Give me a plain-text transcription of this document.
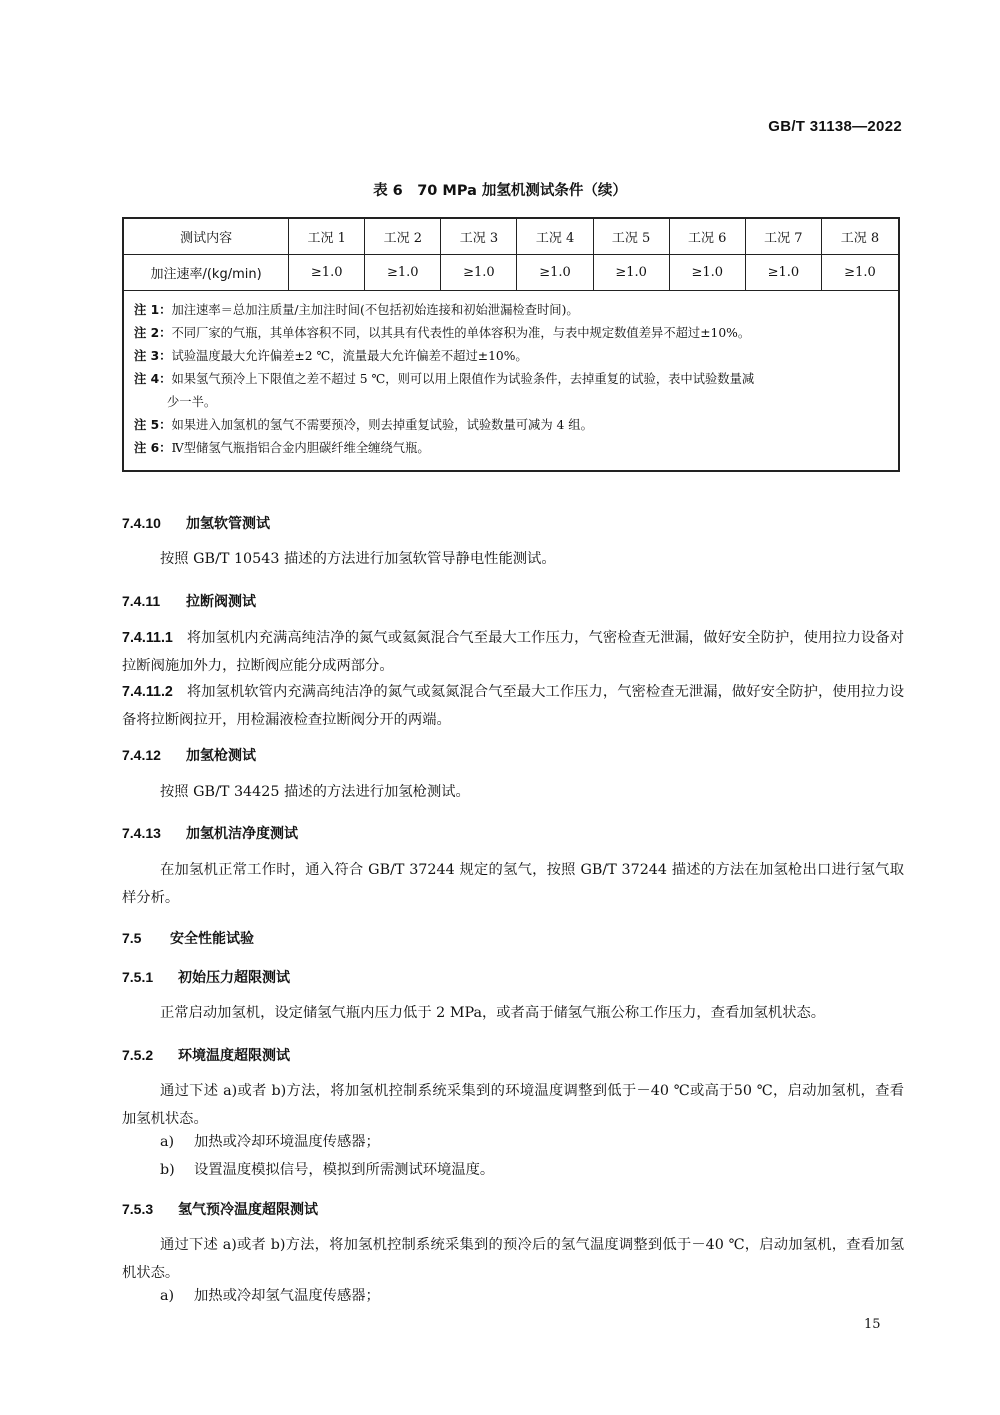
GB/T 31138—2022
表 6　70 MPa 加氢机测试条件（续）
测试内容	工况 1	工况 2	工况 3	工况 4	工况 5	工况 6	工况 7	工况 8
加注速率/(kg/min)	≥1.0	≥1.0	≥1.0	≥1.0	≥1.0	≥1.0	≥1.0	≥1.0
注 1：加注速率＝总加注质量/主加注时间(不包括初始连接和初始泄漏检查时间)。
注 2：不同厂家的气瓶，其单体容积不同，以其具有代表性的单体容积为准，与表中规定数值差异不超过±10%。
注 3：试验温度最大允许偏差±2 ℃，流量最大允许偏差不超过±10%。
注 4：如果氢气预冷上下限值之差不超过 5 ℃，则可以用上限值作为试验条件，去掉重复的试验，表中试验数量减
少一半。
注 5：如果进入加氢机的氢气不需要预冷，则去掉重复试验，试验数量可减为 4 组。
注 6：Ⅳ型储氢气瓶指铝合金内胆碳纤维全缠绕气瓶。
7.4.10 加氢软管测试
按照 GB/T 10543 描述的方法进行加氢软管导静电性能测试。
7.4.11 拉断阀测试
7.4.11.1 将加氢机内充满高纯洁净的氮气或氦氮混合气至最大工作压力，气密检查无泄漏，做好安全防护，使用拉力设备对拉断阀施加外力，拉断阀应能分成两部分。
7.4.11.2 将加氢机软管内充满高纯洁净的氮气或氦氮混合气至最大工作压力，气密检查无泄漏，做好安全防护，使用拉力设备将拉断阀拉开，用检漏液检查拉断阀分开的两端。
7.4.12 加氢枪测试
按照 GB/T 34425 描述的方法进行加氢枪测试。
7.4.13 加氢机洁净度测试
在加氢机正常工作时，通入符合 GB/T 37244 规定的氢气，按照 GB/T 37244 描述的方法在加氢枪出口进行氢气取样分析。
7.5 安全性能试验
7.5.1 初始压力超限测试
正常启动加氢机，设定储氢气瓶内压力低于 2 MPa，或者高于储氢气瓶公称工作压力，查看加氢机状态。
7.5.2 环境温度超限测试
通过下述 a)或者 b)方法，将加氢机控制系统采集到的环境温度调整到低于－40 ℃或高于50 ℃，启动加氢机，查看加氢机状态。
a) 加热或冷却环境温度传感器；
b) 设置温度模拟信号，模拟到所需测试环境温度。
7.5.3 氢气预冷温度超限测试
通过下述 a)或者 b)方法，将加氢机控制系统采集到的预冷后的氢气温度调整到低于－40 ℃，启动加氢机，查看加氢机状态。
a) 加热或冷却氢气温度传感器；
15
